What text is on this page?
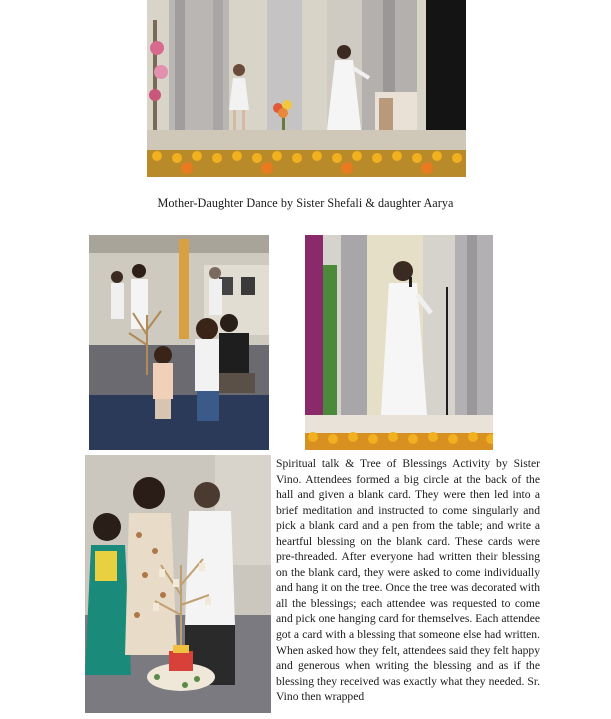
Mother-Daughter Dance by Sister Shefali & daughter Aarya

Spiritual talk & Tree of Blessings Activity by Sister Vino. Attendees formed a big circle at the back of the hall and given a blank card. They were then led into a brief meditation and instructed to come singularly and pick a blank card and a pen from the table; and write a heartful blessing on the blank card. These cards were pre-threaded. After everyone had written their blessing on the blank card, they were asked to come individually and hang it on the tree. Once the tree was decorated with all the blessings; each attendee was requested to come and pick one hanging card for themselves. Each attendee got a card with a blessing that someone else had written. When asked how they felt, attendees said they felt happy and generous when writing the blessing and as if the blessing they received was exactly what they needed. Sr. Vino then wrapped
